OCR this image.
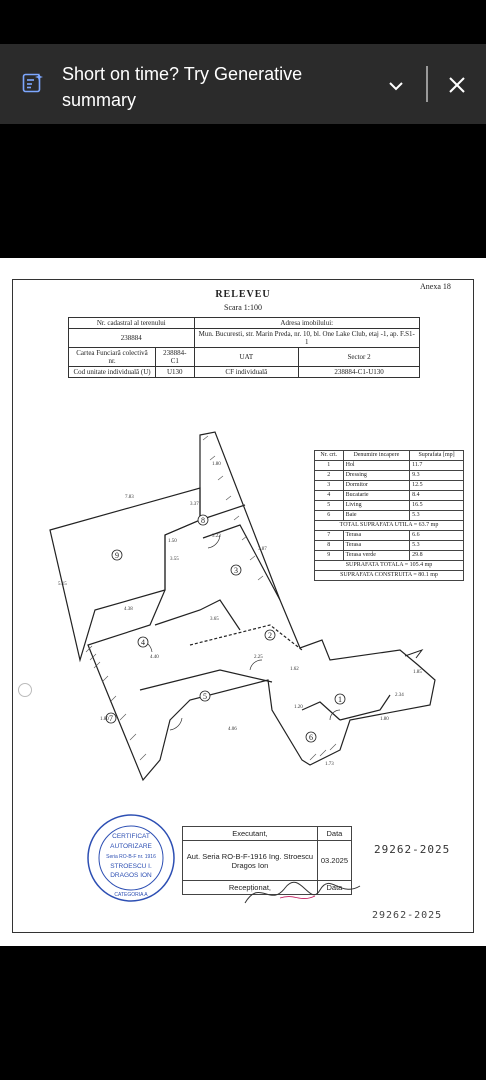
Short on time? Try Generative summary
Anexa 18
RELEVEU
Scara 1:100
Nr. cadastral al terenului		Adresa imobilului:	
238884		Mun. Bucuresti, str. Marin Preda, nr. 10, bl. One Lake Club, etaj -1, ap. F.S1-1	
Cartea Funciară colectivă nr.	238884-C1	UAT	Sector 2
Cod unitate individuală (U)	U130	CF individuală	238884-C1-U130
1
2
3
4
5
6
7
8
9
1.80
7.83
3.37
3.22
1.50
3.55
5.15
4.38
3.87
3.65
4.40	2.25
1.20
4.06
1.73
1.80	1.80
2.34
1.85
1.62
Nr. crt.	Denumire incapere	Suprafata [mp]
1	Hol	11.7
2	Dressing	9.3
3	Dormitor	12.5
4	Bucatarie	8.4
5	Living	16.5
6	Baie	5.3
TOTAL SUPRAFATA UTILA = 63.7 mp		
7	Terasa	6.6
8	Terasa	5.3
9	Terasa verde	29.8
SUPRAFATA TOTALA = 105.4 mp		
SUPRAFATA CONSTRUITA = 80.1 mp		
CERTIFICAT
AUTORIZARE
Seria RO-B-F nr. 1916
STROESCU I.
DRAGOS ION
CATEGORIA A
Executant,	Data
Aut. Seria RO-B-F-1916 Ing. Stroescu Dragos Ion	03.2025
Recepționat,	Data
29262-2025
29262-2025
